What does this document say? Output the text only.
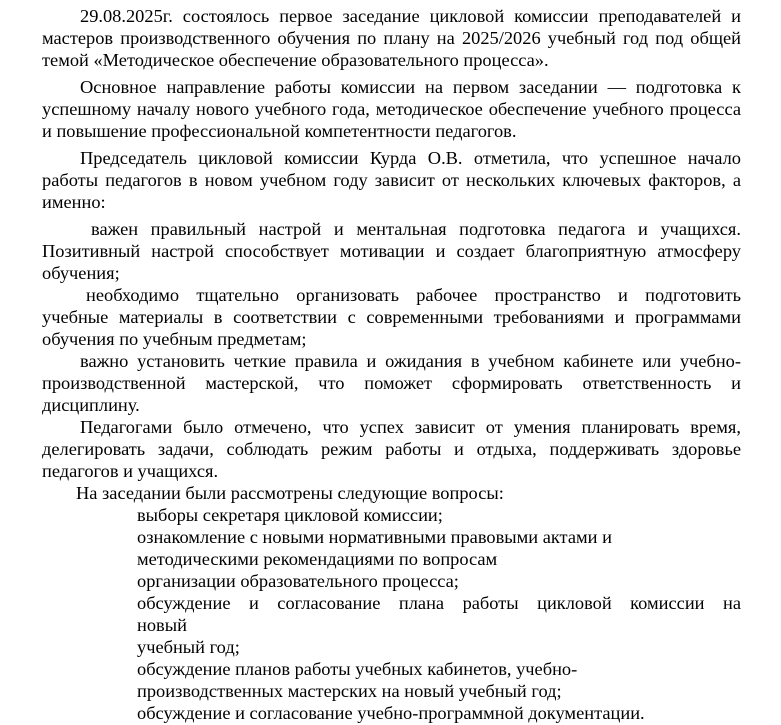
29.08.2025г. состоялось первое заседание цикловой комиссии преподавателей и

мастеров производственного обучения по плану на 2025/2026 учебный год под общей

темой «Методическое обеспечение образовательного процесса».

Основное направление работы комиссии на первом заседании — подготовка к

успешному началу нового учебного года, методическое обеспечение учебного процесса

и повышение профессиональной компетентности педагогов.

Председатель цикловой комиссии Курда О.В. отметила, что успешное начало

работы педагогов в новом учебном году зависит от нескольких ключевых факторов, а

именно:

важен правильный настрой и ментальная подготовка педагога и учащихся.

Позитивный настрой способствует мотивации и создает благоприятную атмосферу

обучения;

необходимо тщательно организовать рабочее пространство и подготовить

учебные материалы в соответствии с современными требованиями и программами

обучения по учебным предметам;

важно установить четкие правила и ожидания в учебном кабинете или учебно-

производственной мастерской, что поможет сформировать ответственность и

дисциплину.

Педагогами было отмечено, что успех зависит от умения планировать время,

делегировать задачи, соблюдать режим работы и отдыха, поддерживать здоровье

педагогов и учащихся.

На заседании были рассмотрены следующие вопросы:

выборы секретаря цикловой комиссии;

ознакомление с новыми нормативными правовыми актами и

методическими рекомендациями по вопросам

организации образовательного процесса;

обсуждение и согласование плана работы цикловой комиссии на

новый

учебный год;

обсуждение планов работы учебных кабинетов, учебно-

производственных мастерских на новый учебный год;

обсуждение и согласование учебно-программной документации.
